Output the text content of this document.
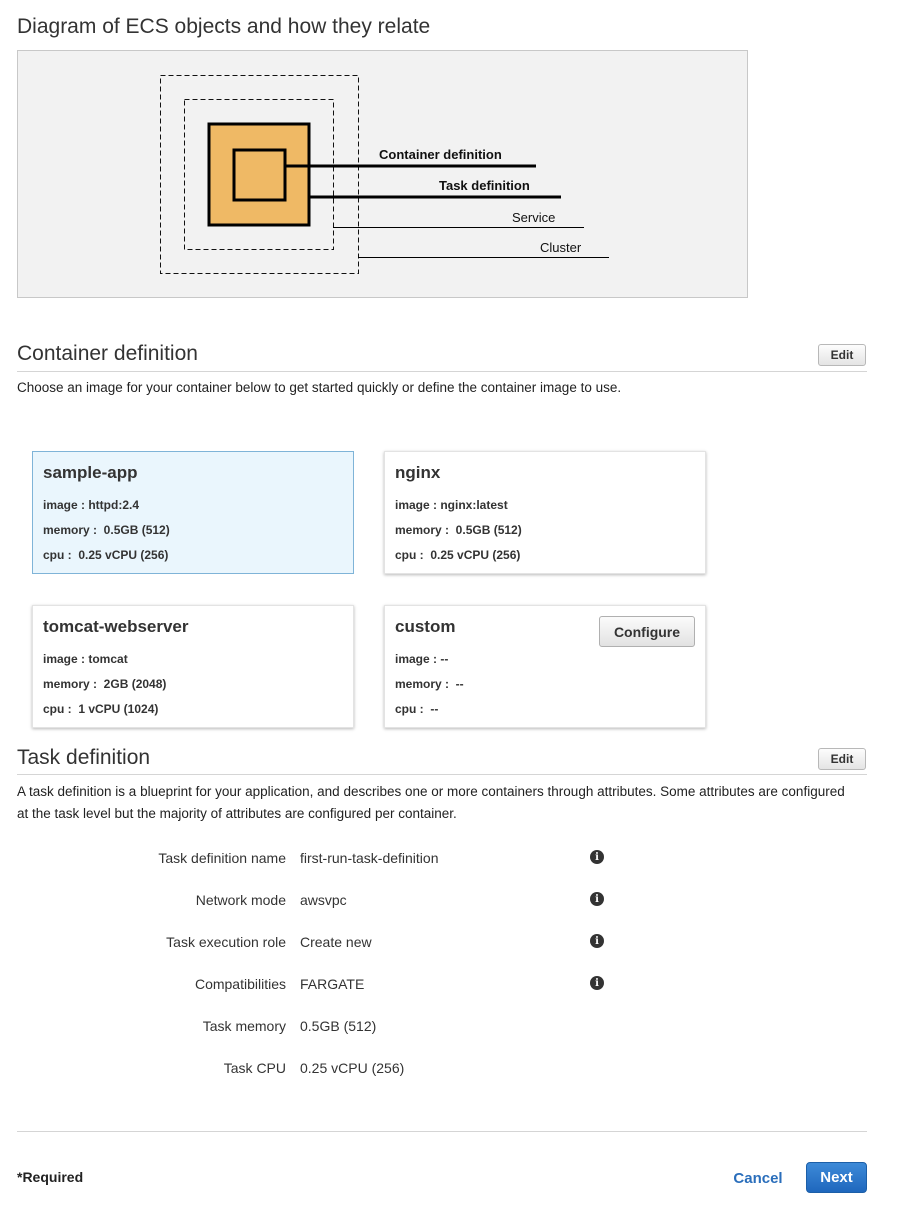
Diagram of ECS objects and how they relate
Container definition
Task definition
Service
Cluster
Container definition	Edit
Choose an image for your container below to get started quickly or define the container image to use.
sample-app
image : httpd:2.4
memory :  0.5GB (512)
cpu :  0.25 vCPU (256)
nginx
image : nginx:latest
memory :  0.5GB (512)
cpu :  0.25 vCPU (256)
tomcat-webserver
image : tomcat
memory :  2GB (2048)
cpu :  1 vCPU (1024)
custom	Configure
image : --
memory :  --
cpu :  --
Task definition	Edit
A task definition is a blueprint for your application, and describes one or more containers through attributes. Some attributes are configured at the task level but the majority of attributes are configured per container.
Task definition name first-run-task-definition	i
Network mode awsvpc	i
Task execution role Create new	i
Compatibilities FARGATE	i
Task memory 0.5GB (512)
Task CPU 0.25 vCPU (256)
*Required	Cancel	Next
